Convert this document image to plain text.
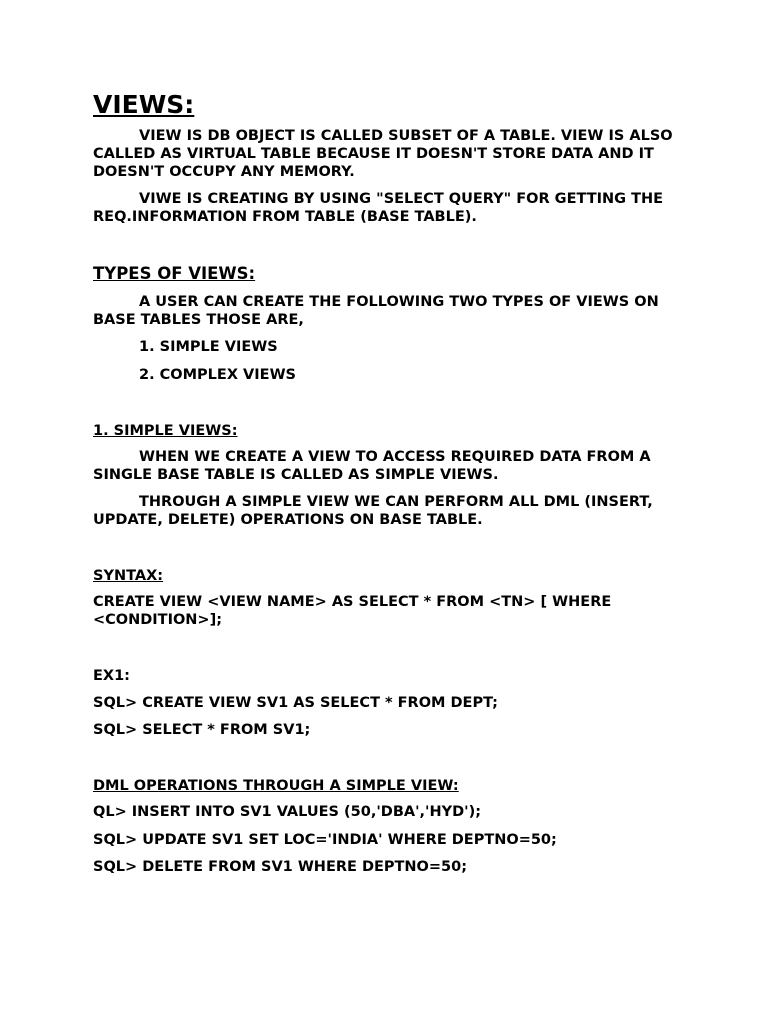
VIEWS:

VIEW IS DB OBJECT IS CALLED SUBSET OF A TABLE. VIEW IS ALSO CALLED AS VIRTUAL TABLE BECAUSE IT DOESN'T STORE DATA AND IT DOESN'T OCCUPY ANY MEMORY.

VIWE IS CREATING BY USING "SELECT QUERY" FOR GETTING THE REQ.INFORMATION FROM TABLE (BASE TABLE).

TYPES OF VIEWS:

A USER CAN CREATE THE FOLLOWING TWO TYPES OF VIEWS ON BASE TABLES THOSE ARE,

1. SIMPLE VIEWS

2. COMPLEX VIEWS

1. SIMPLE VIEWS:

WHEN WE CREATE A VIEW TO ACCESS REQUIRED DATA FROM A SINGLE BASE TABLE IS CALLED AS SIMPLE VIEWS.

THROUGH A SIMPLE VIEW WE CAN PERFORM ALL DML (INSERT, UPDATE, DELETE) OPERATIONS ON BASE TABLE.

SYNTAX:

CREATE VIEW <VIEW NAME> AS SELECT * FROM <TN> [ WHERE <CONDITION>];

EX1:

SQL> CREATE VIEW SV1 AS SELECT * FROM DEPT;

SQL> SELECT * FROM SV1;

DML OPERATIONS THROUGH A SIMPLE VIEW:

QL> INSERT INTO SV1 VALUES (50,'DBA','HYD');

SQL> UPDATE SV1 SET LOC='INDIA' WHERE DEPTNO=50;

SQL> DELETE FROM SV1 WHERE DEPTNO=50;
